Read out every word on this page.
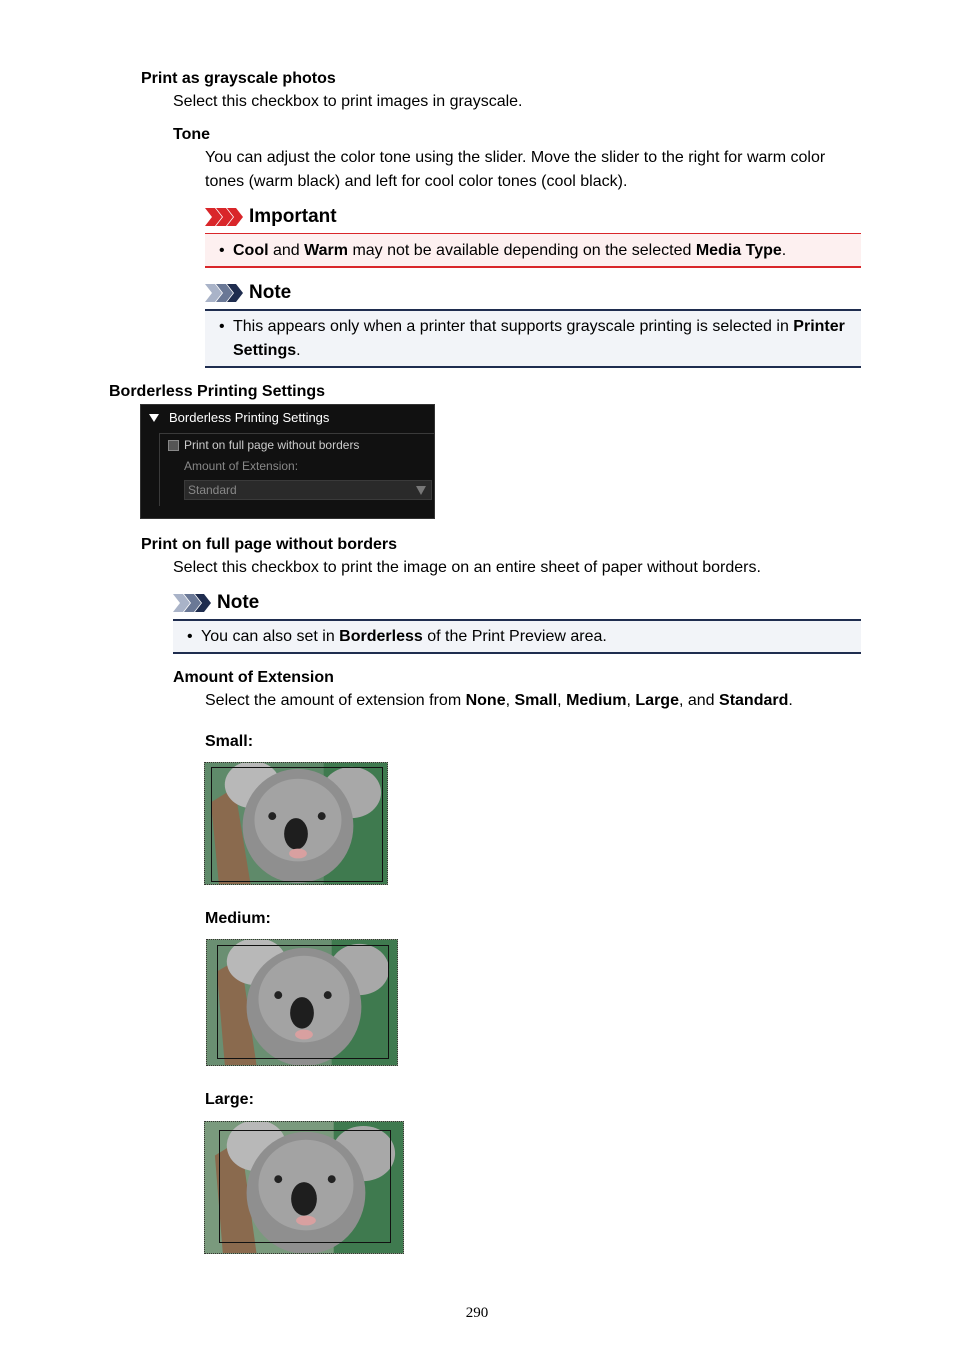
Print as grayscale photos
Select this checkbox to print images in grayscale.
Tone
You can adjust the color tone using the slider. Move the slider to the right for warm color
tones (warm black) and left for cool color tones (cool black).
Important
• Cool and Warm may not be available depending on the selected Media Type.
Note
• This appears only when a printer that supports grayscale printing is selected in Printer
Settings.
Borderless Printing Settings
Borderless Printing Settings
Print on full page without borders
Amount of Extension:
Standard
Print on full page without borders
Select this checkbox to print the image on an entire sheet of paper without borders.
Note
• You can also set in Borderless of the Print Preview area.
Amount of Extension
Select the amount of extension from None, Small, Medium, Large, and Standard.
Small:
Medium:
Large:
290
